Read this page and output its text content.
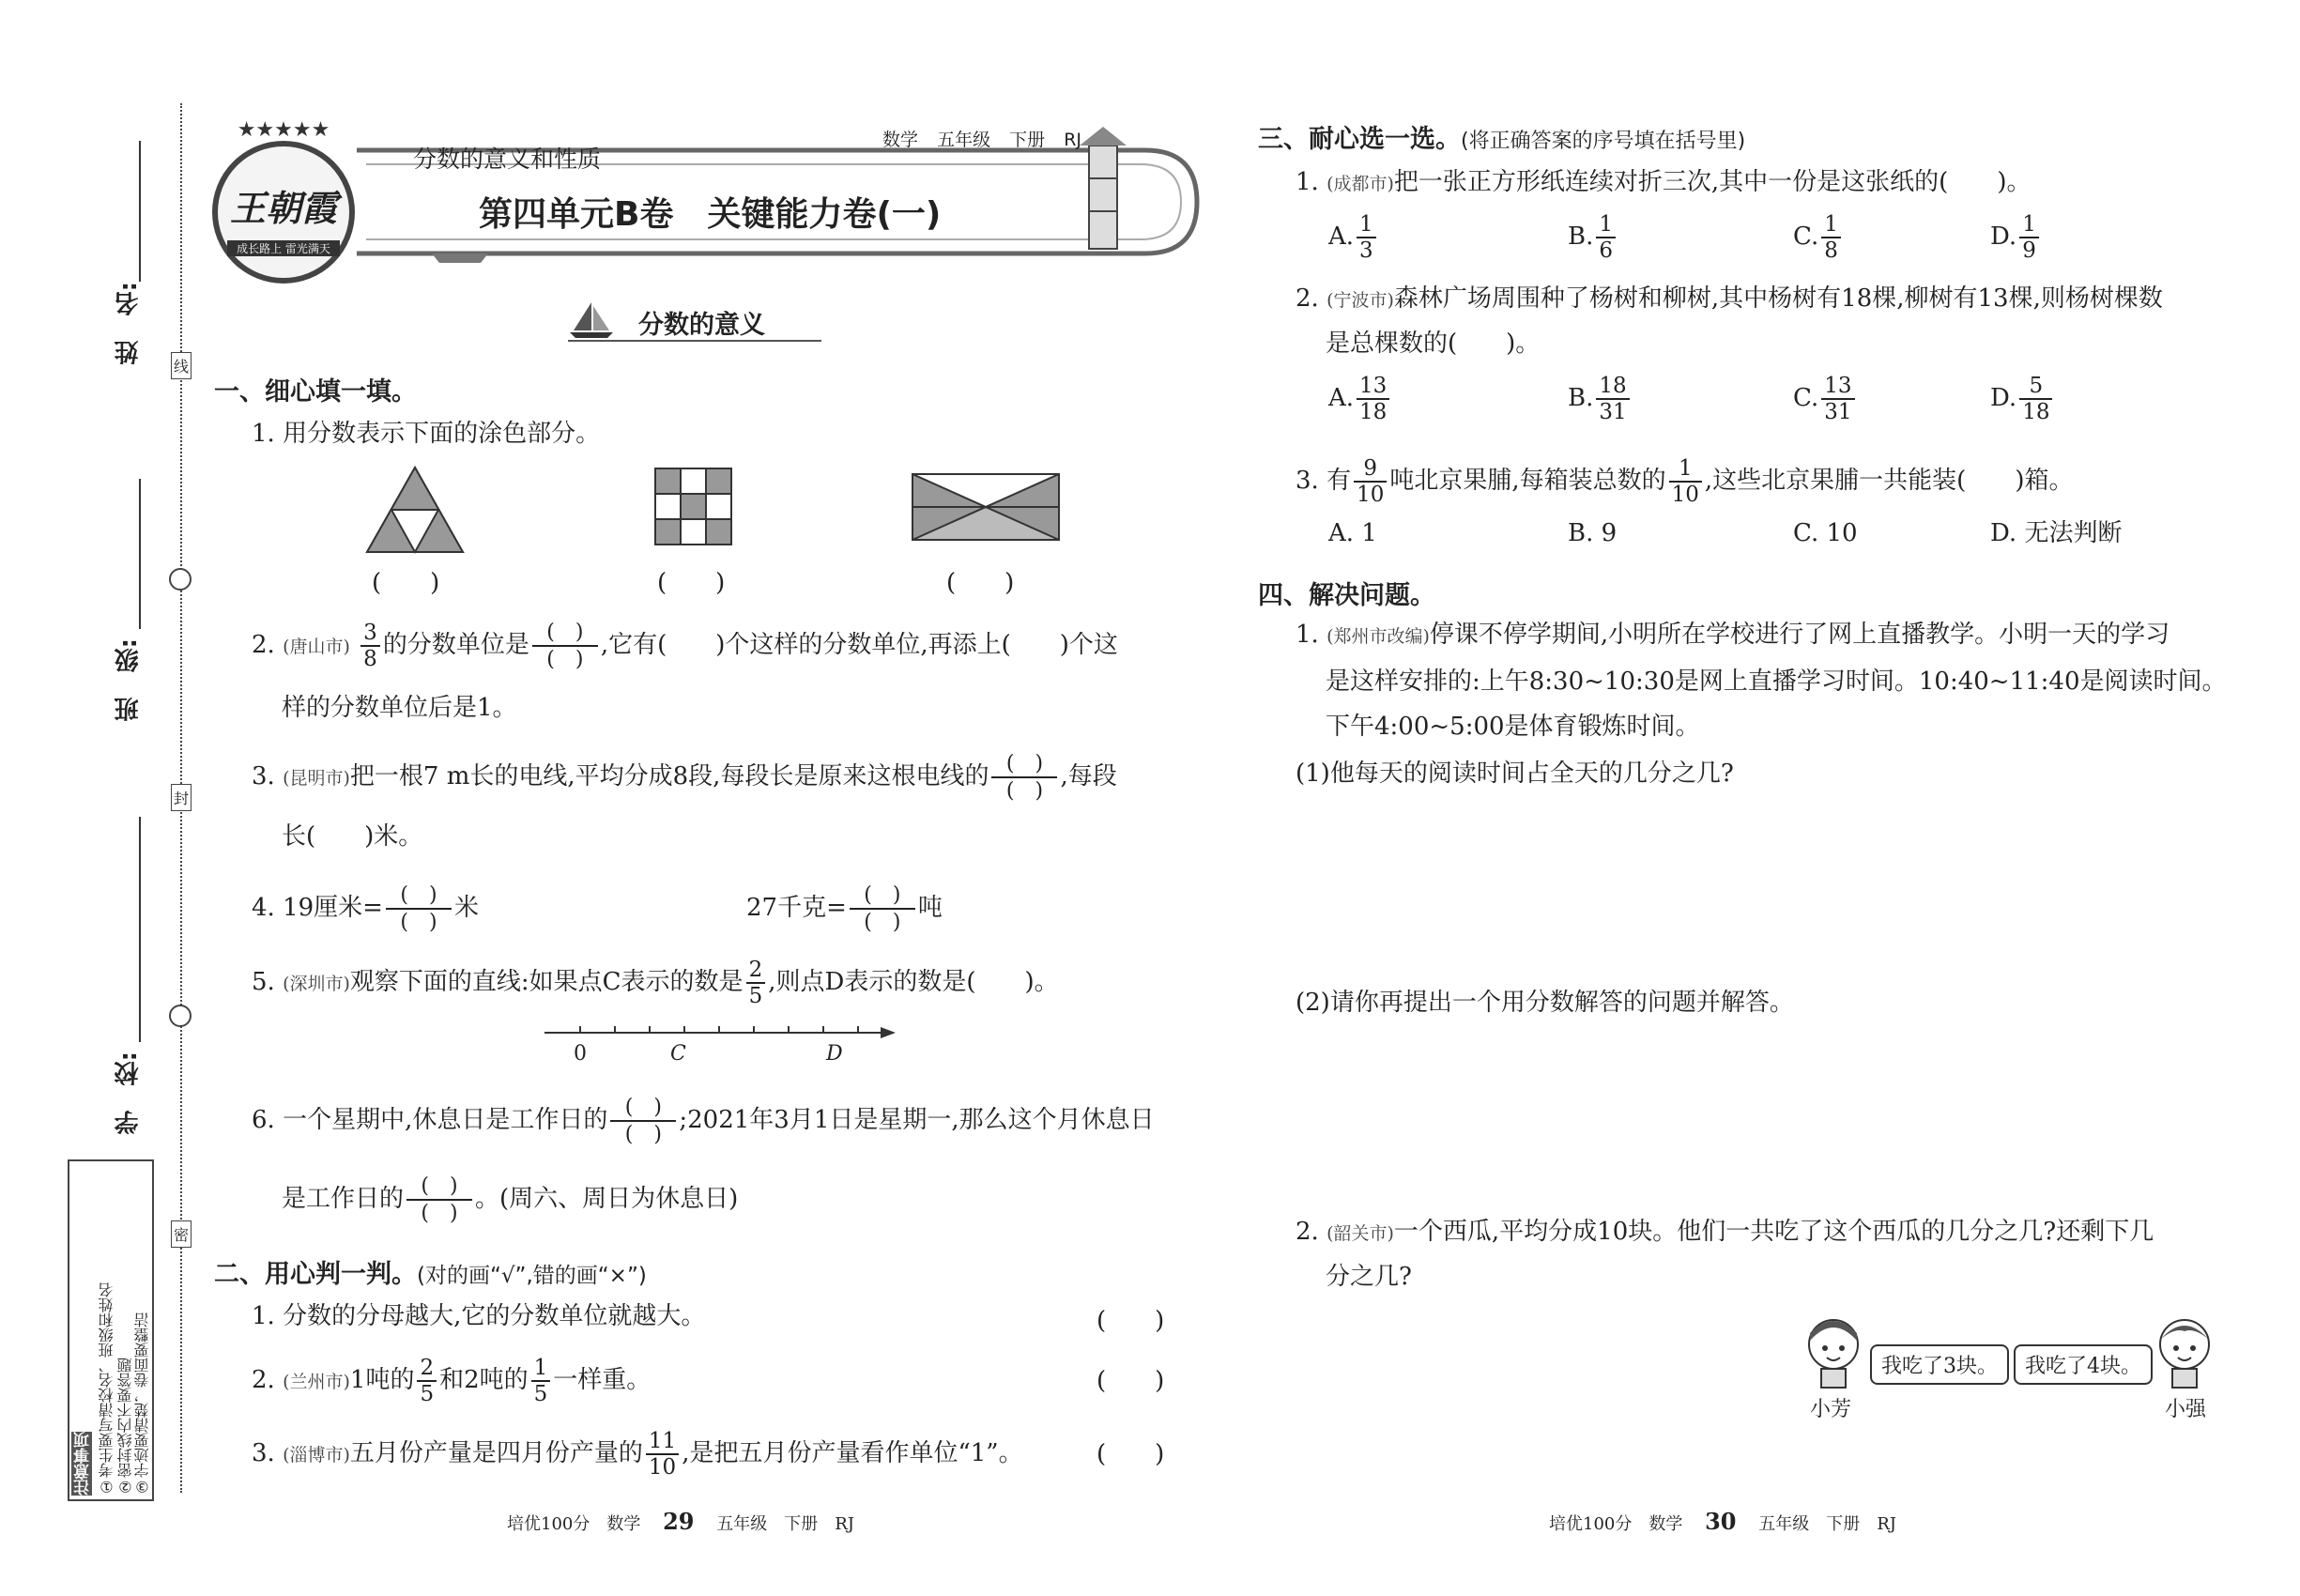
姓　名:
班　级:
学　校:
线
封
密
注意事项 ①考生要写清校名、班级和姓名 ②密封线内不要答题 ③字迹要清楚，卷面要整洁
★★★★★
王朝霞
成长路上 雷光满天
分数的意义和性质
数学 五年级 下册 RJ
第四单元B卷　关键能力卷(一)
分数的意义
一、细心填一填。
1. 用分数表示下面的涂色部分。
(　　)	(　　)	(　　)
2. (唐山市) $\frac{3}{8}$ 的分数单位是 (　)
(　),它有(　　)个这样的分数单位,再添上(　　)个这
样的分数单位后是1。
3. (昆明市)把一根7 m长的电线,平均分成8段,每段长是原来这根电线的 (　)
(　),每段
长(　　)米。
4. 19厘米= (　)
(　)米	27千克= (　)
(　)吨
5. (深圳市)观察下面的直线:如果点C表示的数是 $\frac{2}{5}$ ,则点D表示的数是(　　)。
0	C	D
6. 一个星期中,休息日是工作日的 (　)
(　);2021年3月1日是星期一,那么这个月休息日
是工作日的 (　)
(　)。(周六、周日为休息日)
二、用心判一判。(对的画“√”,错的画“×”)
1. 分数的分母越大,它的分数单位就越大。	(　　)
2. (兰州市)1吨的 $\frac{2}{5}$ 和2吨的 $\frac{1}{5}$ 一样重。	(　　)
3. (淄博市)五月份产量是四月份产量的 $\frac{11}{10}$ ,是把五月份产量看作单位“1”。	(　　)
培优100分　数学 29 五年级　下册　RJ
三、耐心选一选。(将正确答案的序号填在括号里)
1. (成都市)把一张正方形纸连续对折三次,其中一份是这张纸的(　　)。
A. $\frac{1}{3}$	B. $\frac{1}{6}$	C. $\frac{1}{8}$	D. $\frac{1}{9}$
2. (宁波市)森林广场周围种了杨树和柳树,其中杨树有18棵,柳树有13棵,则杨树棵数
是总棵数的(　　)。
A. $\frac{13}{18}$	B. $\frac{18}{31}$	C. $\frac{13}{31}$	D. $\frac{5}{18}$
3. 有 $\frac{9}{10}$ 吨北京果脯,每箱装总数的 $\frac{1}{10}$ ,这些北京果脯一共能装(　　)箱。
A. 1	B. 9	C. 10	D. 无法判断
四、解决问题。
1. (郑州市改编)停课不停学期间,小明所在学校进行了网上直播教学。小明一天的学习
是这样安排的:上午8:30~10:30是网上直播学习时间。10:40~11:40是阅读时间。
下午4:00~5:00是体育锻炼时间。
(1)他每天的阅读时间占全天的几分之几?
(2)请你再提出一个用分数解答的问题并解答。
2. (韶关市)一个西瓜,平均分成10块。他们一共吃了这个西瓜的几分之几?还剩下几
分之几?
小芳
我吃了3块。	我吃了4块。
小强
培优100分　数学 30 五年级　下册　RJ
